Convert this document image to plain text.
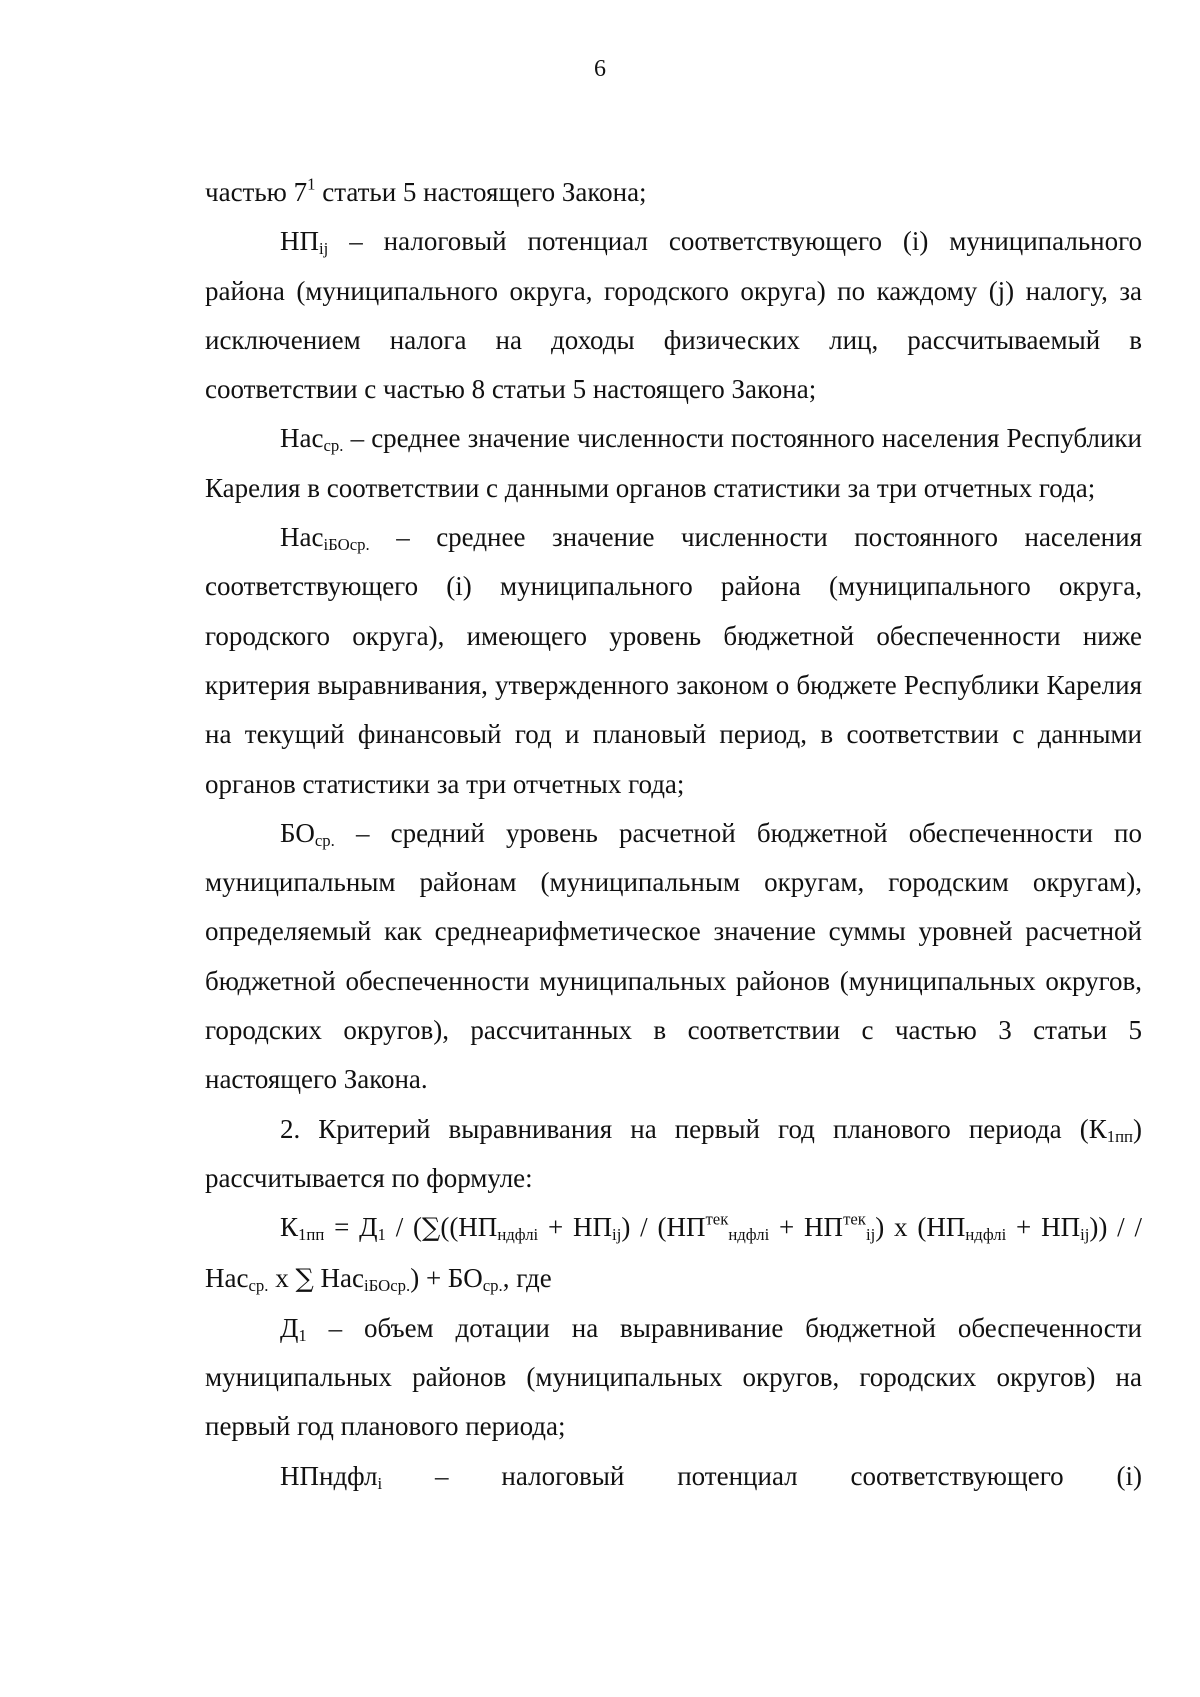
6

частью $7^1$ статьи 5 настоящего Закона;

$НП_{ij}$ – налоговый потенциал соответствующего (i) муниципального района (муниципального округа, городского округа) по каждому (j) налогу, за исключением налога на доходы физических лиц, рассчитываемый в соответствии с частью 8 статьи 5 настоящего Закона;

Нас$_{ср.}$ – среднее значение численности постоянного населения Республики Карелия в соответствии с данными органов статистики за три отчетных года;

Нас$_{iБОср.}$ – среднее значение численности постоянного населения соответствующего (i) муниципального района (муниципального округа, городского округа), имеющего уровень бюджетной обеспеченности ниже критерия выравнивания, утвержденного законом о бюджете Республики Карелия на текущий финансовый год и плановый период, в соответствии с данными органов статистики за три отчетных года;

$БО_{ср.}$ – средний уровень расчетной бюджетной обеспеченности по муниципальным районам (муниципальным округам, городским округам), определяемый как среднеарифметическое значение суммы уровней расчетной бюджетной обеспеченности муниципальных районов (муниципальных округов, городских округов), рассчитанных в соответствии с частью 3 статьи 5 настоящего Закона.

2. Критерий выравнивания на первый год планового периода $(К_{1пп})$ рассчитывается по формуле:

$К_{1пп} = Д_1 / (\sum((НП_{ндфлi} + НП_{ij}) / (НП^{тек}_{ндфлi} + НП^{тек}_{ij})$ х $(НП_{ндфлi} + НП_{ij})$) / / Нас$_{ср.}$ х ∑ $Нас_{iБОср.}) + БО_{ср.}$, где

$Д_1$ – объем дотации на выравнивание бюджетной обеспеченности муниципальных районов (муниципальных округов, городских округов) на первый год планового периода;

НПндфл$_i$ – налоговый потенциал соответствующего (i)
